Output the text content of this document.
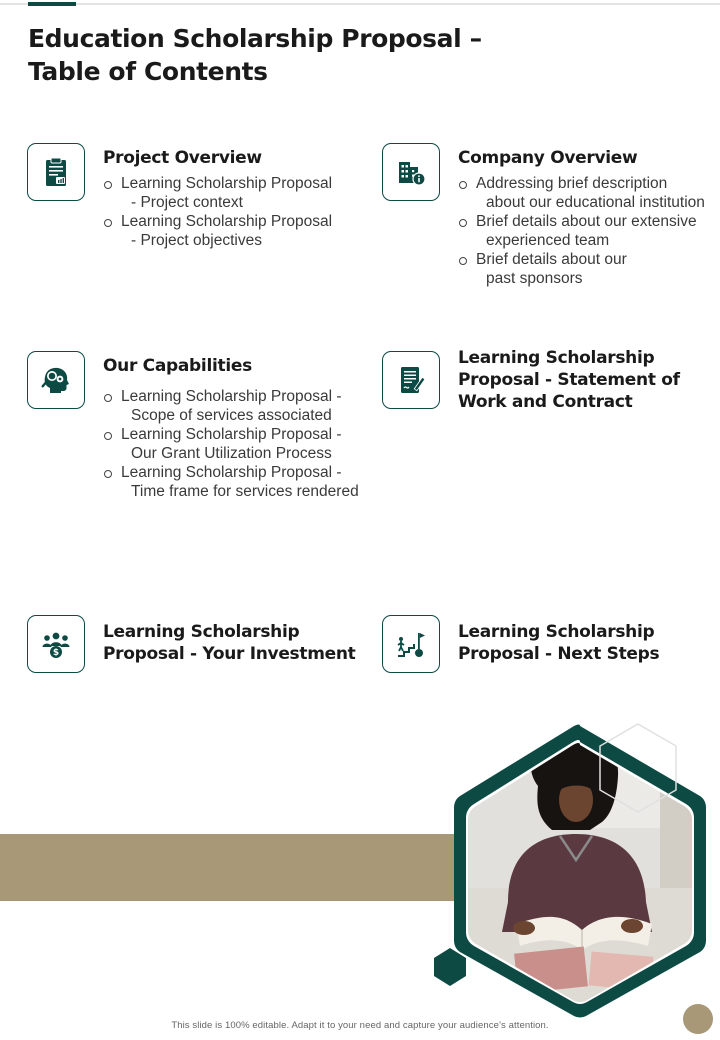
Education Scholarship Proposal –
Table of Contents
Project Overview
Learning Scholarship Proposal
- Project context
Learning Scholarship Proposal
- Project objectives
Company Overview
Addressing brief description
about our educational institution
Brief details about our extensive
experienced team
Brief details about our
past sponsors
Our Capabilities
Learning Scholarship Proposal -
Scope of services associated
Learning Scholarship Proposal -
Our Grant Utilization Process
Learning Scholarship Proposal -
Time frame for services rendered
Learning Scholarship
Proposal - Statement of
Work and Contract
$
Learning Scholarship
Proposal - Your Investment
Learning Scholarship
Proposal - Next Steps
This slide is 100% editable. Adapt it to your need and capture your audience’s attention.
